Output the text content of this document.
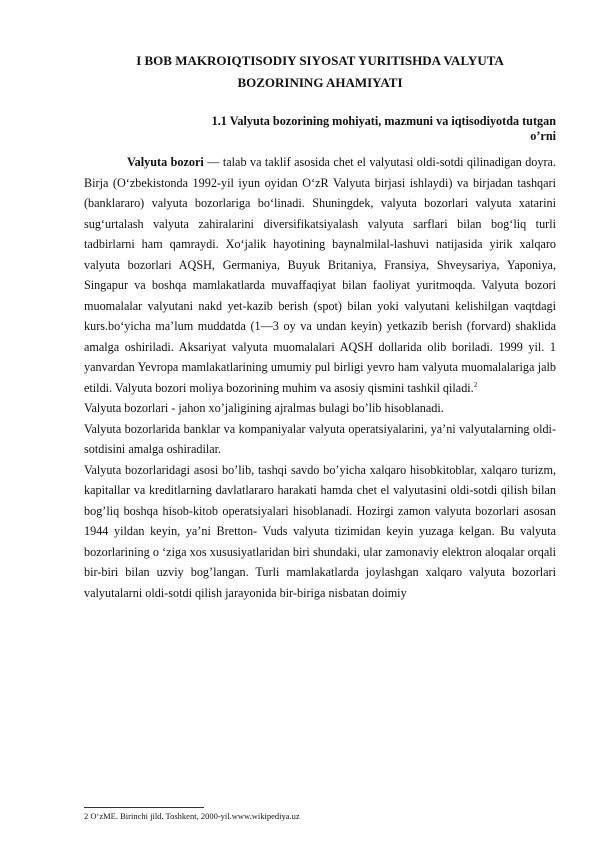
I BOB MAKROIQTISODIY SIYOSAT YURITISHDA VALYUTA
BOZORINING AHAMIYATI
1.1 Valyuta bozorining mohiyati, mazmuni va iqtisodiyotda tutgan
o’rni

Valyuta bozori — talab va taklif asosida chet el valyutasi oldi-sotdi qilinadigan doyra. Birja (Oʻzbekistonda 1992-yil iyun oyidan OʻzR Valyuta birjasi ishlaydi) va birjadan tashqari (banklararo) valyuta bozorlariga boʻlinadi. Shuningdek, valyuta bozorlari valyuta xatarini sugʻurtalash valyuta zahiralarini diversifikatsiyalash valyuta sarflari bilan bogʻliq turli tadbirlarni ham qamraydi. Xoʻjalik hayotining baynalmilal-lashuvi natijasida yirik xalqaro valyuta bozorlari AQSH, Germaniya, Buyuk Britaniya, Fransiya, Shveysariya, Yaponiya, Singapur va boshqa mamlakatlarda muvaffaqiyat bilan faoliyat yuritmoqda. Valyuta bozori muomalalar valyutani nakd yet-kazib berish (spot) bilan yoki valyutani kelishilgan vaqtdagi kurs.boʻyicha maʼlum muddatda (1—3 oy va undan keyin) yetkazib berish (forvard) shaklida amalga oshiriladi. Aksariyat valyuta muomalalari AQSH dollarida olib boriladi. 1999 yil. 1 yanvardan Yevropa mamlakatlarining umumiy pul birligi yevro ham valyuta muomalalariga jalb etildi. Valyuta bozori moliya bozorining muhim va asosiy qismini tashkil qiladi.$^2$

Valyuta bozorlari - jahon xo’jaligining ajralmas bulagi bo’lib hisoblanadi.

Valyuta bozorlarida banklar va kompaniyalar valyuta operatsiyalarini, ya’ni valyutalarning oldi-sotdisini amalga oshiradilar.

Valyuta bozorlaridagi asosi bo’lib, tashqi savdo bo’yicha xalqaro hisobkitoblar, xalqaro turizm, kapitallar va kreditlarning davlatlararo harakati hamda chet el valyutasini oldi-sotdi qilish bilan bog’liq boshqa hisob-kitob operatsiyalari hisoblanadi. Hozirgi zamon valyuta bozorlari asosan 1944 yildan keyin, ya’ni Bretton- Vuds valyuta tizimidan keyin yuzaga kelgan. Bu valyuta bozorlarining o ‘ziga xos xususiyatlaridan biri shundaki, ular zamonaviy elektron aloqalar orqali bir-biri bilan uzviy bog’langan. Turli mamlakatlarda joylashgan xalqaro valyuta bozorlari valyutalarni oldi-sotdi qilish jarayonida bir-biriga nisbatan doimiy

2 OʻzME. Birinchi jild. Toshkent, 2000-yil.www.wikipediya.uz
